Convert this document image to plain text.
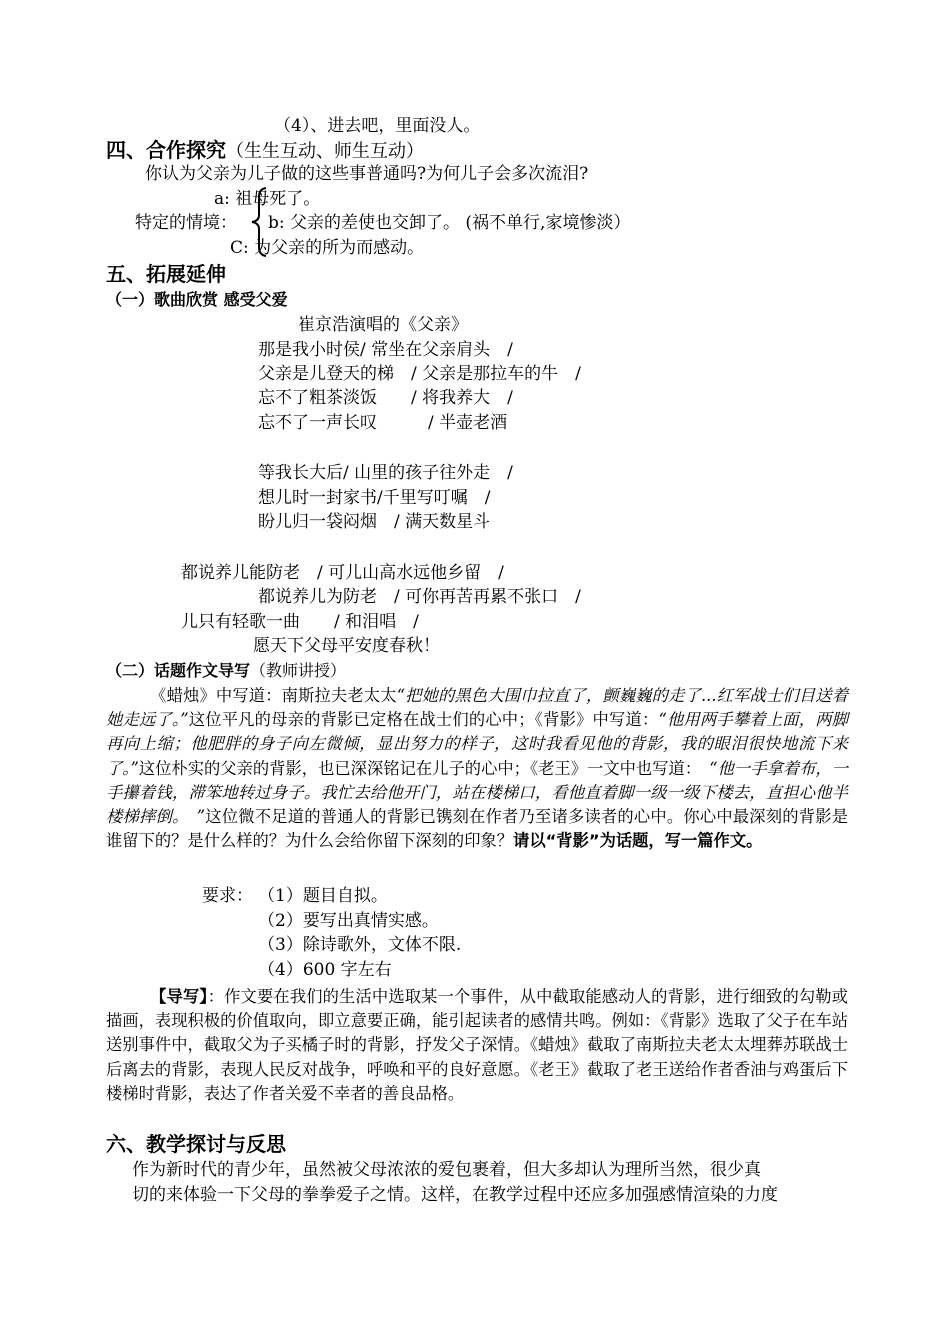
（4）、进去吧，里面没人。
四、合作探究（生生互动、师生互动）
你认为父亲为儿子做的这些事普通吗?为何儿子会多次流泪?
a: 祖母死了。
特定的情境： b: 父亲的差使也交卸了。 (祸不单行,家境惨淡）
C: 为父亲的所为而感动。
五、拓展延伸
（一）歌曲欣赏 感受父爱
崔京浩演唱的《父亲》
那是我小时侯/ 常坐在父亲肩头　/
父亲是儿登天的梯　/ 父亲是那拉车的牛　/
忘不了粗茶淡饭　　/ 将我养大　/
忘不了一声长叹　　　/ 半壶老酒
等我长大后/ 山里的孩子往外走　/
想儿时一封家书/千里写叮嘱　/
盼儿归一袋闷烟　/ 满天数星斗
都说养儿能防老　/ 可儿山高水远他乡留　/
都说养儿为防老　/ 可你再苦再累不张口　/
儿只有轻歌一曲　　/ 和泪唱　/
愿天下父母平安度春秋！
（二）话题作文导写（教师讲授）
《蜡烛》中写道：南斯拉夫老太太“把她的黑色大围巾拉直了，颤巍巍的走了...红军战士们目送着她走远了。”这位平凡的母亲的背影已定格在战士们的心中；《背影》中写道：“他用两手攀着上面，两脚再向上缩；他肥胖的身子向左微倾，显出努力的样子，这时我看见他的背影，我的眼泪很快地流下来了。”这位朴实的父亲的背影，也已深深铭记在儿子的心中；《老王》一文中也写道：　“他一手拿着布，一手攥着钱，滞笨地转过身子。我忙去给他开门，站在楼梯口，看他直着脚一级一级下楼去，直担心他半楼梯摔倒。　”这位微不足道的普通人的背影已镌刻在作者乃至诸多读者的心中。你心中最深刻的背影是谁留下的？是什么样的？为什么会给你留下深刻的印象？请以“背影”为话题，写一篇作文。
要求： （1）题目自拟。
（2）要写出真情实感。
（3）除诗歌外，文体不限.
（4）600 字左右
【导写】：作文要在我们的生活中选取某一个事件，从中截取能感动人的背影，进行细致的勾勒或描画，表现积极的价值取向，即立意要正确，能引起读者的感情共鸣。例如：《背影》选取了父子在车站送别事件中，截取父为子买橘子时的背影，抒发父子深情。《蜡烛》截取了南斯拉夫老太太埋葬苏联战士后离去的背影，表现人民反对战争，呼唤和平的良好意愿。《老王》截取了老王送给作者香油与鸡蛋后下楼梯时背影，表达了作者关爱不幸者的善良品格。
六、教学探讨与反思
作为新时代的青少年，虽然被父母浓浓的爱包裹着，但大多却认为理所当然，很少真
切的来体验一下父母的拳拳爱子之情。这样，在教学过程中还应多加强感情渲染的力度
